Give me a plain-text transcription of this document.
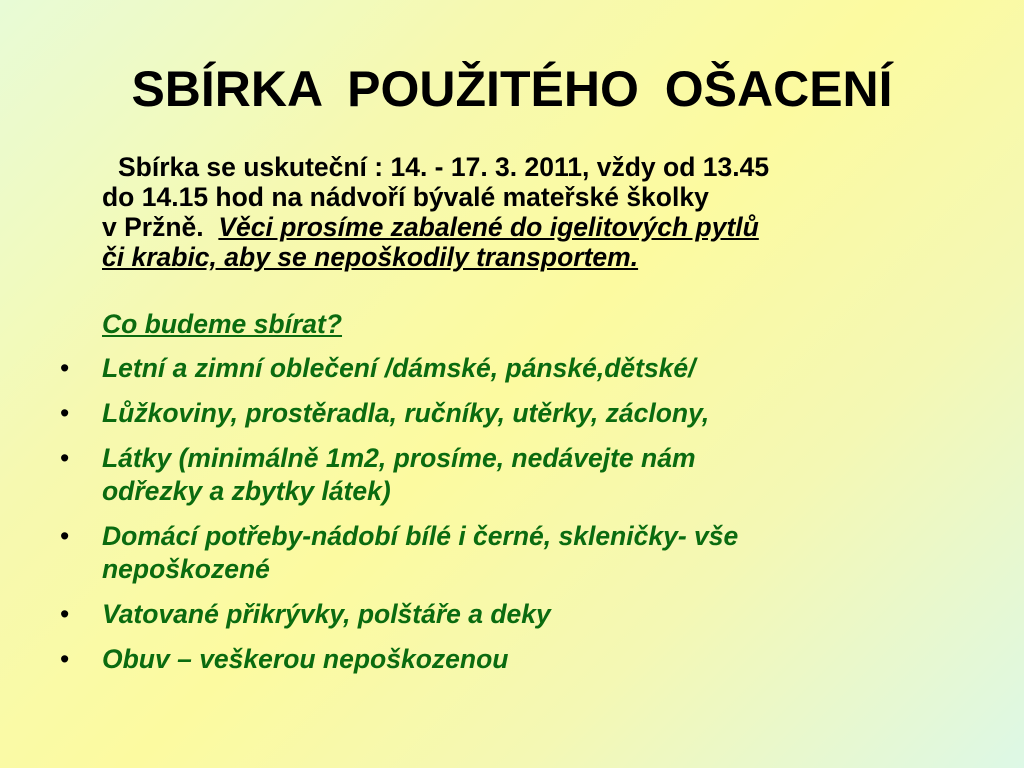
SBÍRKA POUŽITÉHO OŠACENÍ
Sbírka se uskuteční : 14. - 17. 3. 2011, vždy od 13.45
do 14.15 hod na nádvoří bývalé mateřské školky
v Pržně.  Věci prosíme zabalené do igelitových pytlů
či krabic, aby se nepoškodily transportem.
Co budeme sbírat?
• Letní a zimní oblečení /dámské, pánské,dětské/
• Lůžkoviny, prostěradla, ručníky, utěrky, záclony,
• Látky (minimálně 1m2, prosíme, nedávejte nám
odřezky a zbytky látek)
• Domácí potřeby-nádobí bílé i černé, skleničky- vše
nepoškozené
• Vatované přikrývky, polštáře a deky
• Obuv – veškerou nepoškozenou
